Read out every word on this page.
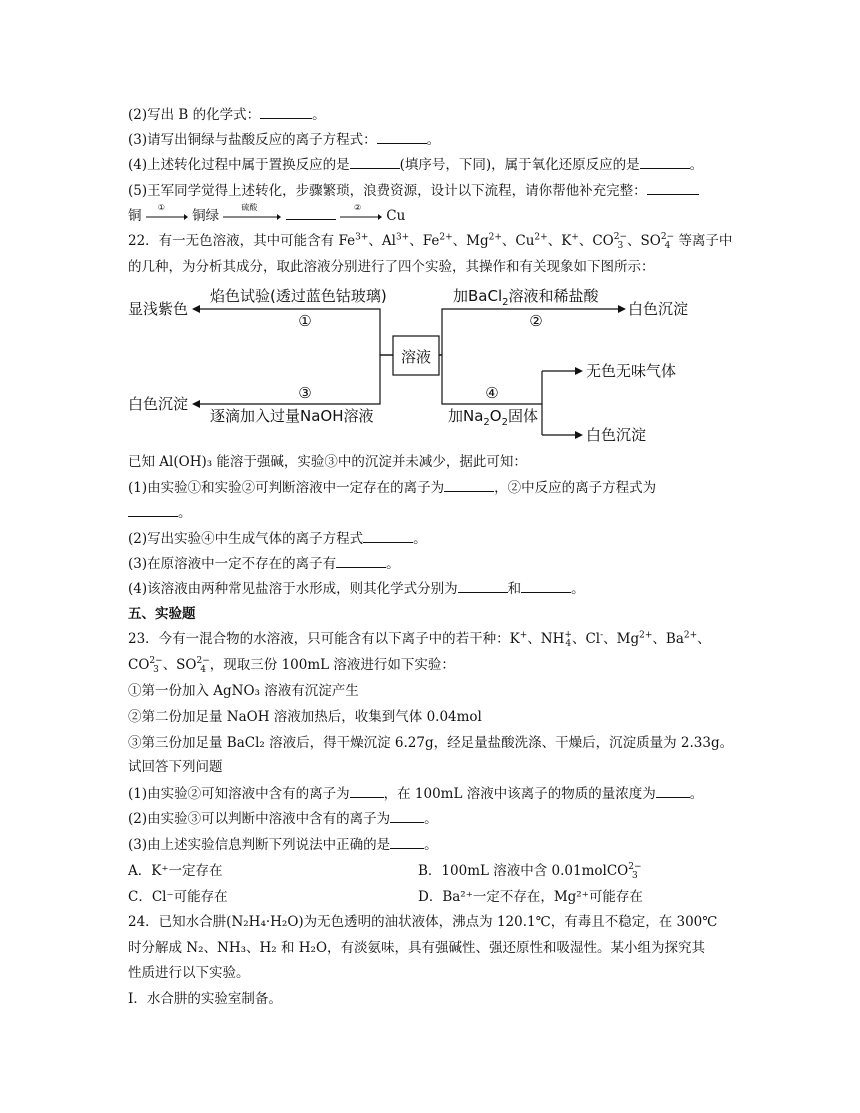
(2)写出 B 的化学式：	。
(3)请写出铜绿与盐酸反应的离子方程式：	。
(4)上述转化过程中属于置换反应的是	(填序号，下同)，属于氧化还原反应的是	。
(5)王军同学觉得上述转化，步骤繁琐，浪费资源，设计以下流程，请你帮他补充完整：
铜
①
铜绿
硫酸
	②
Cu
22．有一无色溶液，其中可能含有 $Fe^{3+}$、$Al^{3+}$、$Fe^{2+}$、$Mg^{2+}$、$Cu^{2+}$、K+、CO2−
3 、SO2−
4 等离子中
的几种，为分析其成分，取此溶液分别进行了四个实验，其操作和有关现象如下图所示：
溶液
焰色试验(透过蓝色钴玻璃)
①
显浅紫色
加BaCl$_2$溶液和稀盐酸
②
白色沉淀
③
逐滴加入过量NaOH溶液
白色沉淀
④
加$Na_2O_2$固体
无色无味气体
白色沉淀
已知 Al(OH)₃ 能溶于强碱，实验③中的沉淀并未减少，据此可知：
(1)由实验①和实验②可判断溶液中一定存在的离子为	，②中反应的离子方程式为
。
(2)写出实验④中生成气体的离子方程式	。
(3)在原溶液中一定不存在的离子有	。
(4)该溶液由两种常见盐溶于水形成，则其化学式分别为	和	。
五、实验题
23．今有一混合物的水溶液，只可能含有以下离子中的若干种：K+、NH+
4、Cl-、$Mg^{2+}$、$Ba^{2+}$、
CO2−
3 、SO2−
4 ，现取三份 100mL 溶液进行如下实验：
①第一份加入 AgNO₃ 溶液有沉淀产生
②第二份加足量 NaOH 溶液加热后，收集到气体 0.04mol
③第三份加足量 BaCl₂ 溶液后，得干燥沉淀 6.27g，经足量盐酸洗涤、干燥后，沉淀质量为 2.33g。
试回答下列问题
(1)由实验②可知溶液中含有的离子为	，在 100mL 溶液中该离子的物质的量浓度为	。
(2)由实验③可以判断中溶液中含有的离子为	。
(3)由上述实验信息判断下列说法中正确的是	。
A．K⁺一定存在	B．100mL 溶液中含 0.01molCO2−
3
C．Cl⁻可能存在	D．Ba²⁺一定不存在，Mg²⁺可能存在
24．已知水合肼(N₂H₄·H₂O)为无色透明的油状液体，沸点为 120.1℃，有毒且不稳定，在 300℃
时分解成 N₂、NH₃、H₂ 和 H₂O，有淡氨味，具有强碱性、强还原性和吸湿性。某小组为探究其
性质进行以下实验。
I．水合肼的实验室制备。
